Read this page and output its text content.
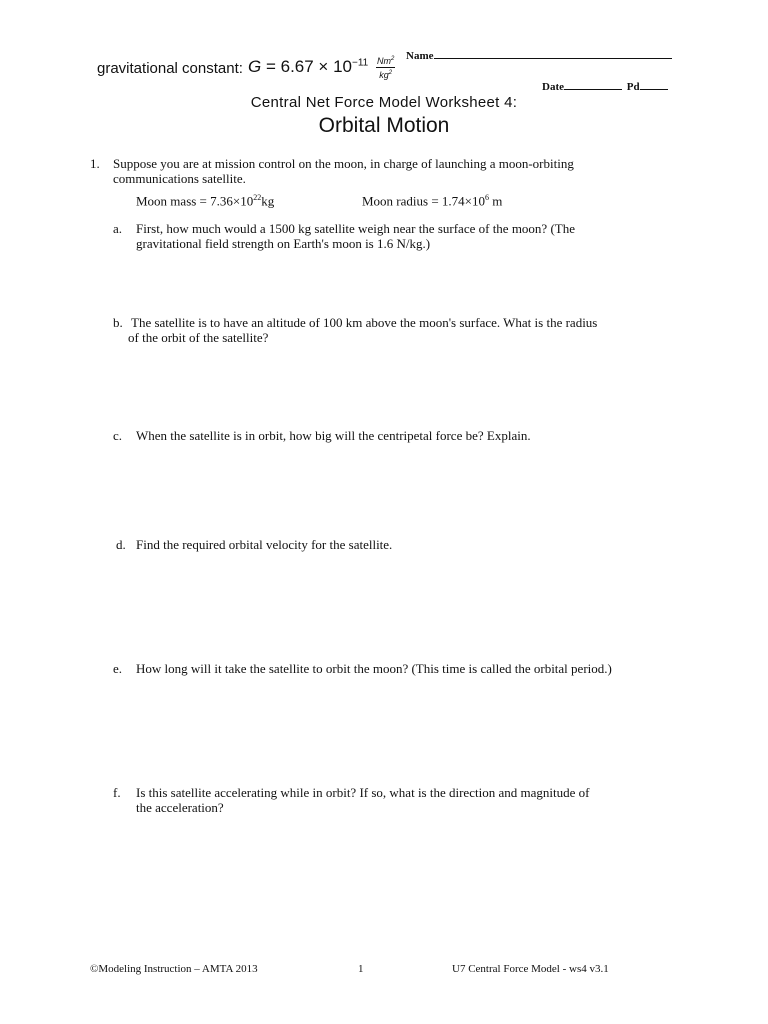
gravitational constant: $G = 6.67 \times 10^{-11} \frac{Nm^2}{kg^2}$ Name
Date	Pd
Central Net Force Model Worksheet 4:
Orbital Motion
1. Suppose you are at mission control on the moon, in charge of launching a moon-orbiting
communications satellite.
Moon mass = $7.36\times 10^{22}kg$	Moon radius = $1.74\times 10^6$ m
a. First, how much would a 1500 kg satellite weigh near the surface of the moon? (The
gravitational field strength on Earth's moon is 1.6 N/kg.)
b. The satellite is to have an altitude of 100 km above the moon's surface. What is the radius
of the orbit of the satellite?
c. When the satellite is in orbit, how big will the centripetal force be? Explain.
d. Find the required orbital velocity for the satellite.
e. How long will it take the satellite to orbit the moon? (This time is called the orbital period.)
f. Is this satellite accelerating while in orbit? If so, what is the direction and magnitude of
the acceleration?
©Modeling Instruction – AMTA 2013	1	U7 Central Force Model - ws4 v3.1
